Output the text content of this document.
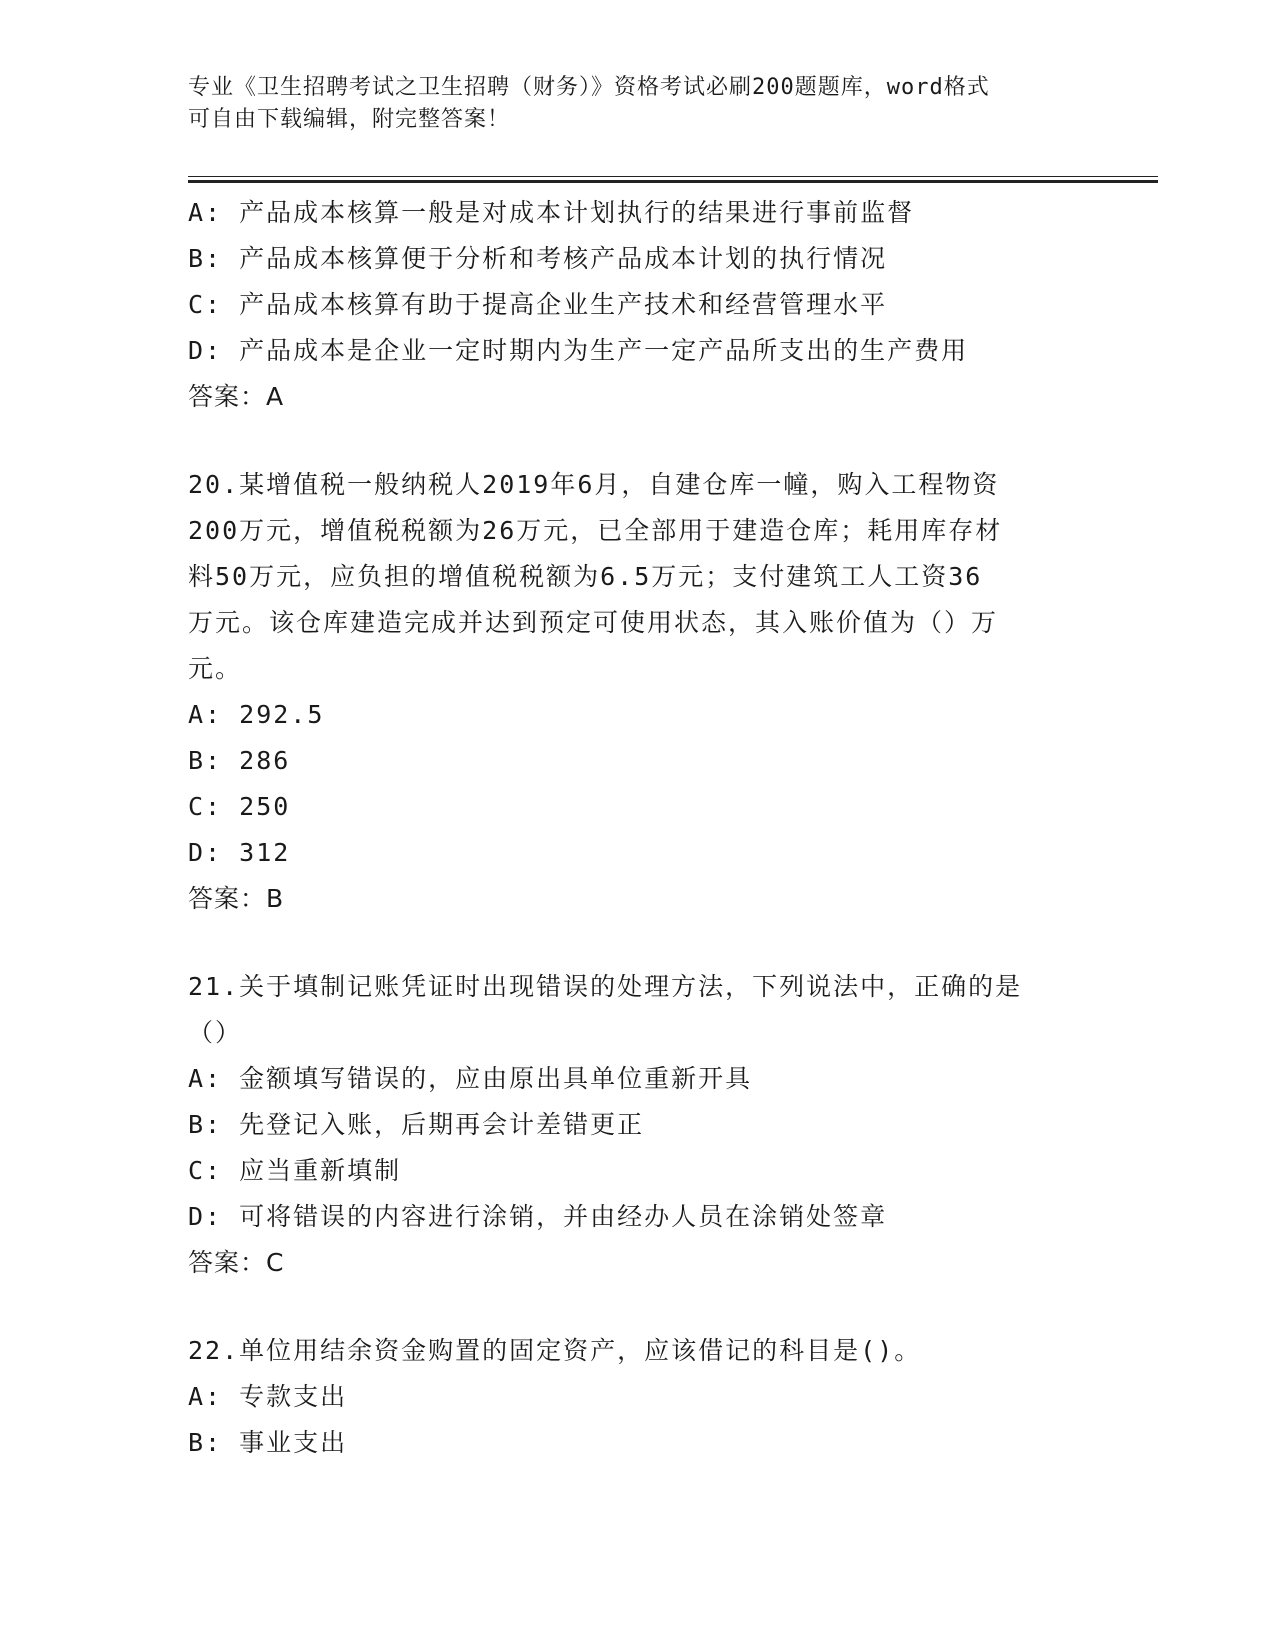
专业《卫生招聘考试之卫生招聘（财务）》资格考试必刷200题题库，word格式
可自由下载编辑，附完整答案！
A: 产品成本核算一般是对成本计划执行的结果进行事前监督
B: 产品成本核算便于分析和考核产品成本计划的执行情况
C: 产品成本核算有助于提高企业生产技术和经营管理水平
D: 产品成本是企业一定时期内为生产一定产品所支出的生产费用
答案：A
20.某增值税一般纳税人2019年6月，自建仓库一幢，购入工程物资
200万元，增值税税额为26万元，已全部用于建造仓库；耗用库存材
料50万元，应负担的增值税税额为6.5万元；支付建筑工人工资36
万元。该仓库建造完成并达到预定可使用状态，其入账价值为（）万
元。
A: 292.5
B: 286
C: 250
D: 312
答案：B
21.关于填制记账凭证时出现错误的处理方法，下列说法中，正确的是
（）
A: 金额填写错误的，应由原出具单位重新开具
B: 先登记入账，后期再会计差错更正
C: 应当重新填制
D: 可将错误的内容进行涂销，并由经办人员在涂销处签章
答案：C
22.单位用结余资金购置的固定资产，应该借记的科目是()。
A: 专款支出
B: 事业支出
